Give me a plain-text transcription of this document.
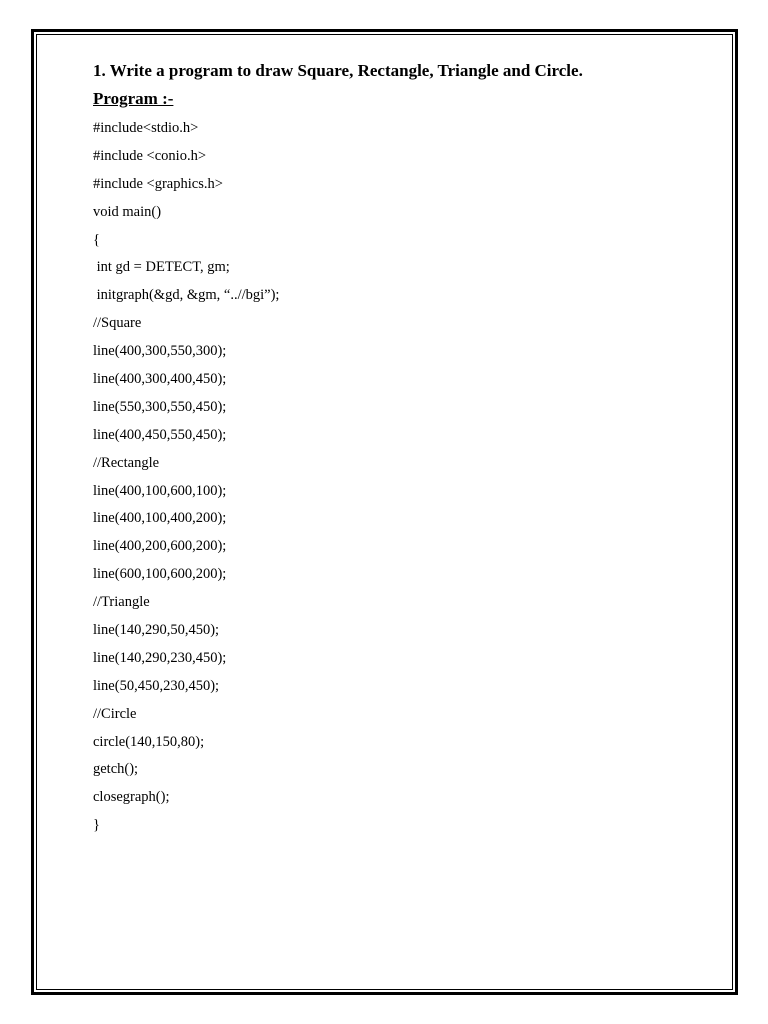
1. Write a program to draw Square, Rectangle, Triangle and Circle.

Program :-
#include<stdio.h>
#include <conio.h>
#include <graphics.h>
void main()
{
int gd = DETECT, gm;
initgraph(&gd, &gm, “..//bgi”);
//Square
line(400,300,550,300);
line(400,300,400,450);
line(550,300,550,450);
line(400,450,550,450);
//Rectangle
line(400,100,600,100);
line(400,100,400,200);
line(400,200,600,200);
line(600,100,600,200);
//Triangle
line(140,290,50,450);
line(140,290,230,450);
line(50,450,230,450);
//Circle
circle(140,150,80);
getch();
closegraph();
}
